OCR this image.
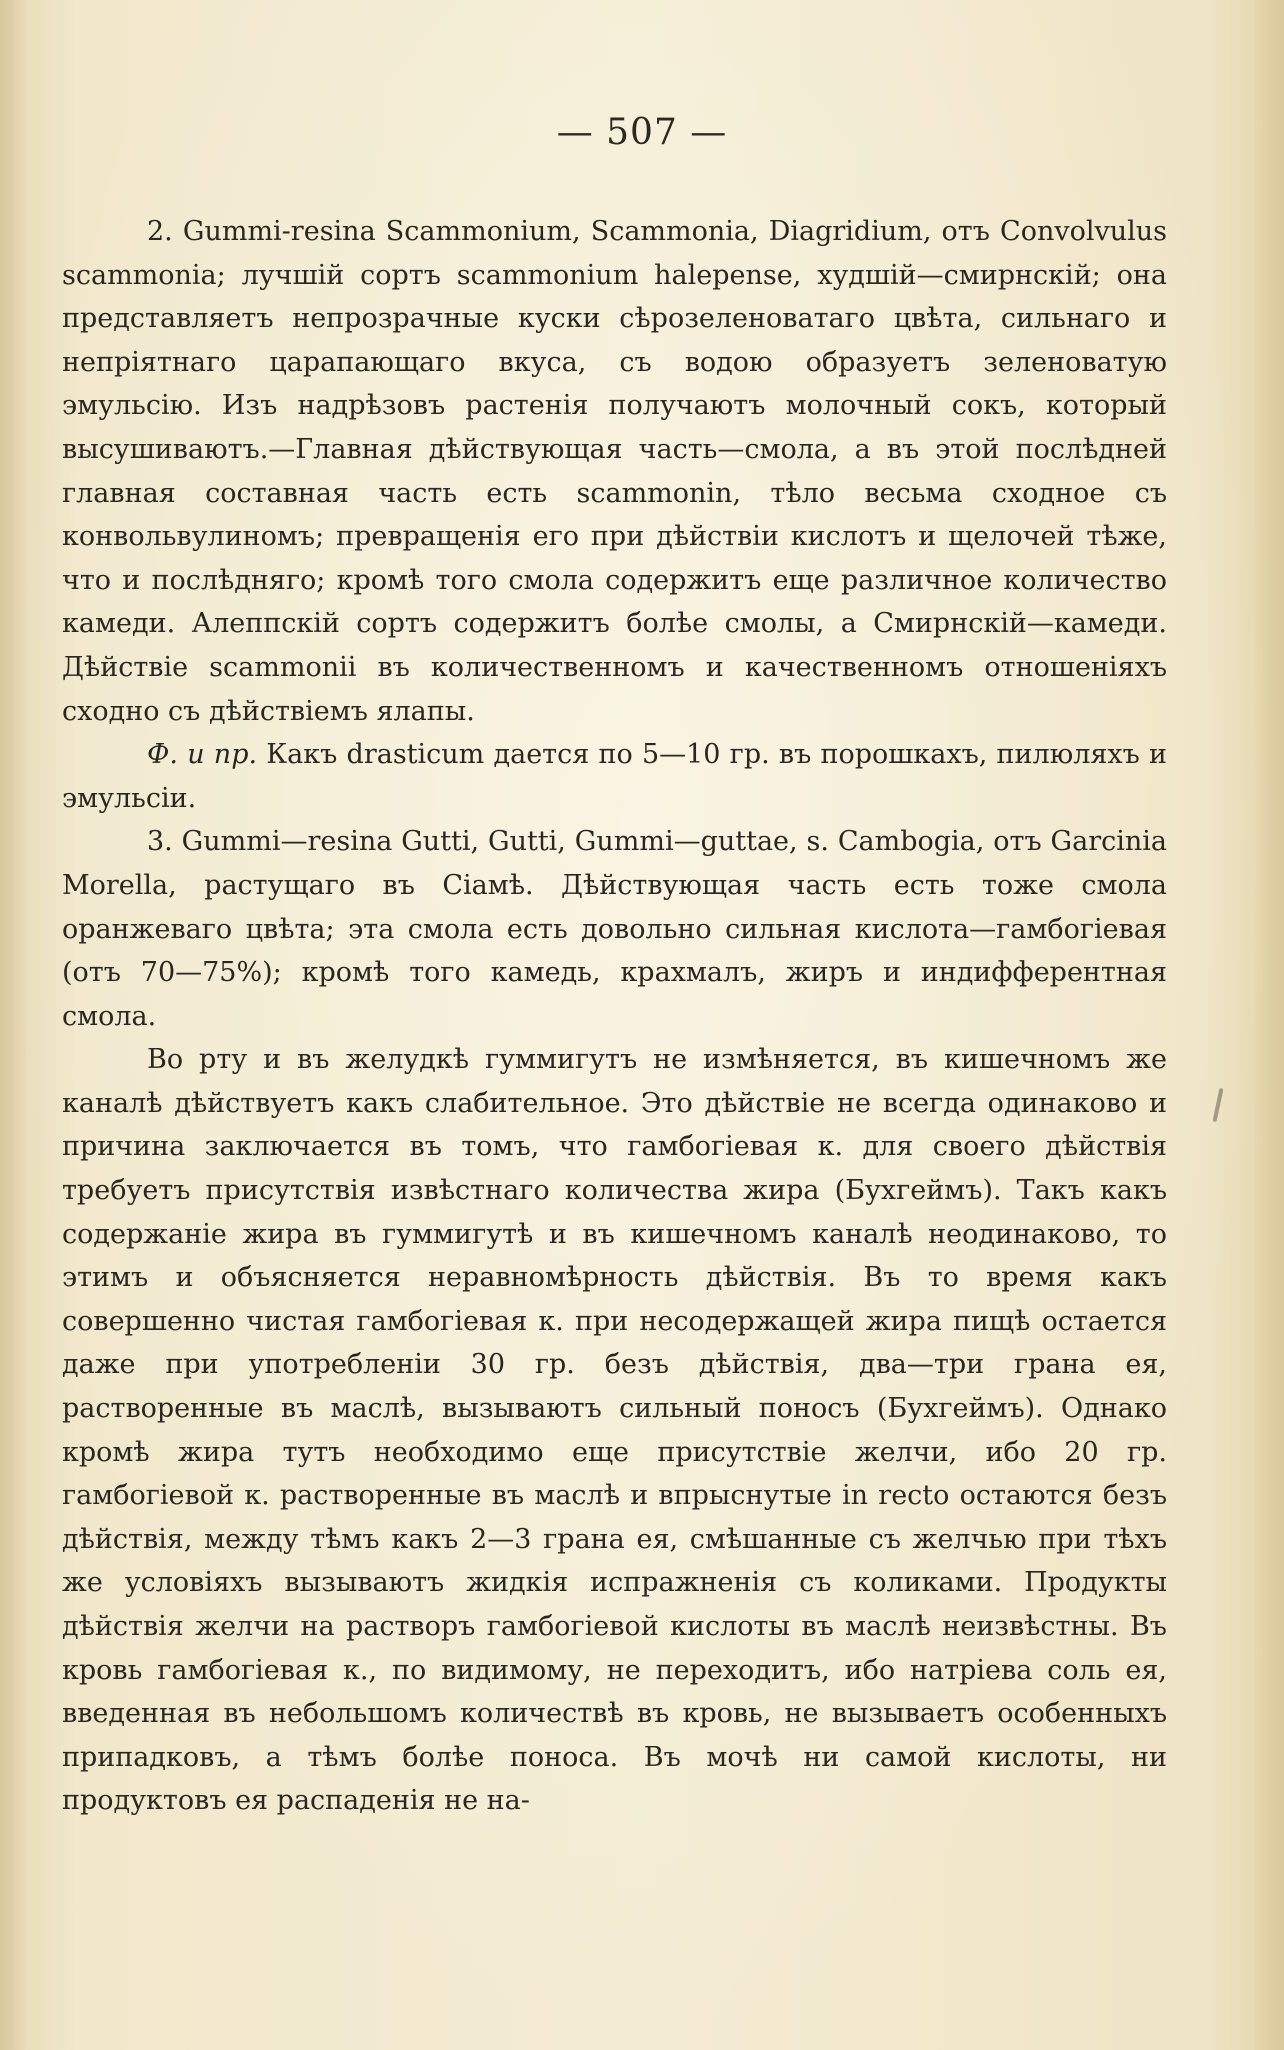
— 507 —

2. Gummi-resina Scammonium, Scammonia, Diagridium, отъ Convolvulus scammonia; лучшій сортъ scammonium halepense, худшій—смирнскій; она представляетъ непрозрачные куски сѣрозеленоватаго цвѣта, сильнаго и непріятнаго царапающаго вкуса, съ водою образуетъ зеленоватую эмульсію. Изъ надрѣзовъ растенія получаютъ молочный сокъ, который высушиваютъ.—Главная дѣйствующая часть—смола, а въ этой послѣдней главная составная часть есть scammonin, тѣло весьма сходное съ конвольвулиномъ; превращенія его при дѣйствіи кислотъ и щелочей тѣже, что и послѣдняго; кромѣ того смола содержитъ еще различное количество камеди. Алеппскій сортъ содержитъ болѣе смолы, а Смирнскій—камеди. Дѣйствіе scammonii въ количественномъ и качественномъ отношеніяхъ сходно съ дѣйствіемъ ялапы.

Ф. и пр. Какъ drasticum дается по 5—10 гр. въ порошкахъ, пилюляхъ и эмульсіи.

3. Gummi—resina Gutti, Gutti, Gummi—guttae, s. Cambogia, отъ Garcinia Morella, растущаго въ Сіамѣ. Дѣйствующая часть есть тоже смола оранжеваго цвѣта; эта смола есть довольно сильная кислота—гамбогіевая (отъ 70—75%); кромѣ того камедь, крахмалъ, жиръ и индифферентная смола.

Во рту и въ желудкѣ гуммигутъ не измѣняется, въ кишечномъ же каналѣ дѣйствуетъ какъ слабительное. Это дѣйствіе не всегда одинаково и причина заключается въ томъ, что гамбогіевая к. для своего дѣйствія требуетъ присутствія извѣстнаго количества жира (Бухгеймъ). Такъ какъ содержаніе жира въ гуммигутѣ и въ кишечномъ каналѣ неодинаково, то этимъ и объясняется неравномѣрность дѣйствія. Въ то время какъ совершенно чистая гамбогіевая к. при несодержащей жира пищѣ остается даже при употребленіи 30 гр. безъ дѣйствія, два—три грана ея, растворенные въ маслѣ, вызываютъ сильный поносъ (Бухгеймъ). Однако кромѣ жира тутъ необходимо еще присутствіе желчи, ибо 20 гр. гамбогіевой к. растворенные въ маслѣ и впрыснутые in recto остаются безъ дѣйствія, между тѣмъ какъ 2—3 грана ея, смѣшанные съ желчью при тѣхъ же условіяхъ вызываютъ жидкія испражненія съ коликами. Продукты дѣйствія желчи на растворъ гамбогіевой кислоты въ маслѣ неизвѣстны. Въ кровь гамбогіевая к., по видимому, не переходитъ, ибо натріева соль ея, введенная въ небольшомъ количествѣ въ кровь, не вызываетъ особенныхъ припадковъ, а тѣмъ болѣе поноса. Въ мочѣ ни самой кислоты, ни продуктовъ ея распаденія не на-
